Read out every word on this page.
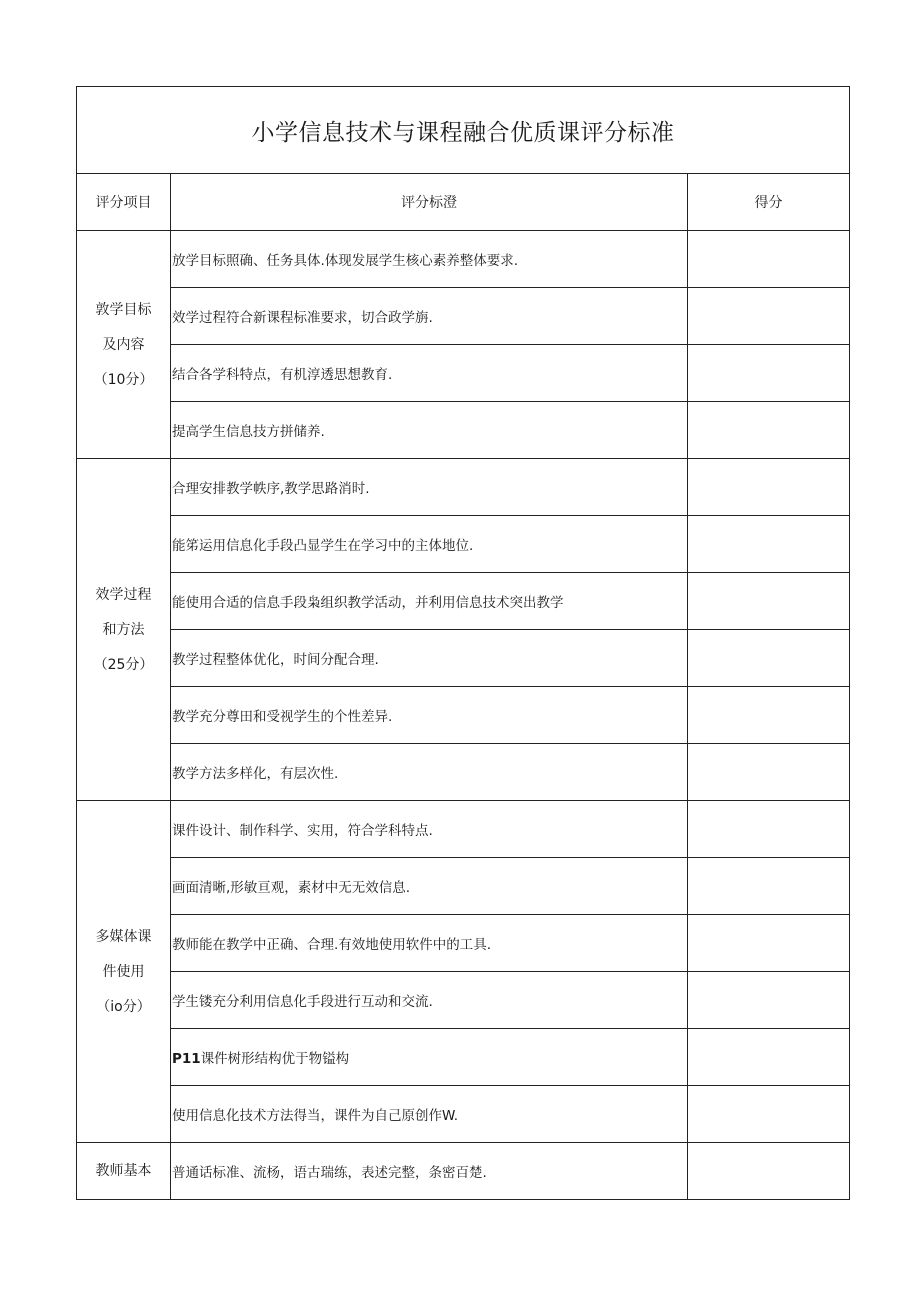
小学信息技术与课程融合优质课评分标准		
评分项目	评分标澄	得分

敦学目标
及内容
（10分）	放学目标照确、任务具体.体现发展学生核心素养整体要求.	
	效学过程符合新课程标准要求，切合政学旃.	
	结合各学科特点，有机淳透思想教育.	
	提高学生信息技方拼储养.	

效学过程
和方法
（25分）	合理安排教学帙序,教学思路消时.	
	能笫运用信息化手段凸显学生在学习中的主体地位.	
	能使用合适的信息手段枭组织教学活动，并利用信息技术突出教学	
	教学过程整体优化，时间分配合理.	
	教学充分尊田和受视学生的个性差异.	
	教学方法多样化，有层次性.	

多媒体课
件使用
（io分）	课件设计、制作科学、实用，符合学科特点.	
	画面清晰,形敏亘观，素材中无无效信息.	
	教师能在教学中正确、合理.有效地使用软件中的工具.	
	学生镂充分利用信息化手段进行互动和交流.	
	P11课件树形结构优于物镒构	
	使用信息化技术方法得当，课件为自己原创作W.	

教师基本	普通话标准、流杨，语古瑞练，表述完整，条密百楚.	
